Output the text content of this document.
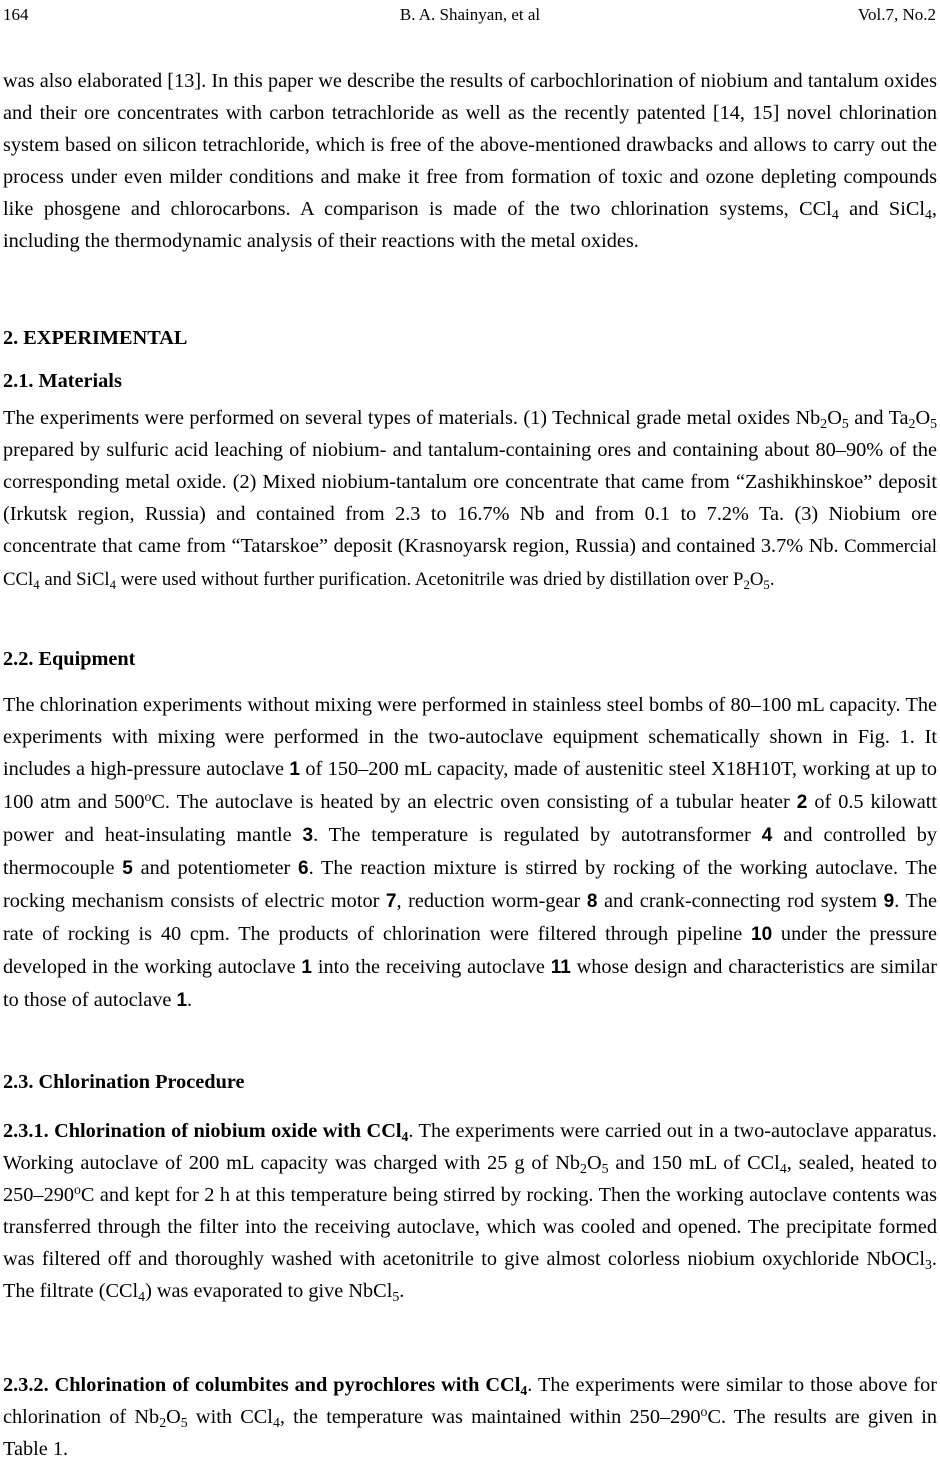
164	B. A. Shainyan, et al	Vol.7, No.2

was also elaborated [13]. In this paper we describe the results of carbochlorination of niobium and tantalum oxides and their ore concentrates with carbon tetrachloride as well as the recently patented [14, 15] novel chlorination system based on silicon tetrachloride, which is free of the above-mentioned drawbacks and allows to carry out the process under even milder conditions and make it free from formation of toxic and ozone depleting compounds like phosgene and chlorocarbons. A comparison is made of the two chlorination systems, CCl$_4$ and SiCl$_4$, including the thermodynamic analysis of their reactions with the metal oxides.

2. EXPERIMENTAL
2.1. Materials

The experiments were performed on several types of materials. (1) Technical grade metal oxides $Nb_2O_5$ and $Ta_2O_5$ prepared by sulfuric acid leaching of niobium- and tantalum-containing ores and containing about 80–90% of the corresponding metal oxide. (2) Mixed niobium-tantalum ore concentrate that came from “Zashikhinskoe” deposit (Irkutsk region, Russia) and contained from 2.3 to 16.7% Nb and from 0.1 to 7.2% Ta. (3) Niobium ore concentrate that came from “Tatarskoe” deposit (Krasnoyarsk region, Russia) and contained 3.7% Nb. Commercial CCl$_4$ and SiCl$_4$ were used without further purification. Acetonitrile was dried by distillation over $P_2O_5$.

2.2. Equipment

The chlorination experiments without mixing were performed in stainless steel bombs of 80–100 mL capacity. The experiments with mixing were performed in the two-autoclave equipment schematically shown in Fig. 1. It includes a high-pressure autoclave 1 of 150–200 mL capacity, made of austenitic steel X18H10T, working at up to 100 atm and 500$^o$C. The autoclave is heated by an electric oven consisting of a tubular heater 2 of 0.5 kilowatt power and heat-insulating mantle 3. The temperature is regulated by autotransformer 4 and controlled by thermocouple 5 and potentiometer 6. The reaction mixture is stirred by rocking of the working autoclave. The rocking mechanism consists of electric motor 7, reduction worm-gear 8 and crank-connecting rod system 9. The rate of rocking is 40 cpm. The products of chlorination were filtered through pipeline 10 under the pressure developed in the working autoclave 1 into the receiving autoclave 11 whose design and characteristics are similar to those of autoclave 1.

2.3. Chlorination Procedure

2.3.1. Chlorination of niobium oxide with CCl$_4$. The experiments were carried out in a two-autoclave apparatus. Working autoclave of 200 mL capacity was charged with 25 g of $Nb_2O_5$ and 150 mL of CCl$_4$, sealed, heated to 250–290$^o$C and kept for 2 h at this temperature being stirred by rocking. Then the working autoclave contents was transferred through the filter into the receiving autoclave, which was cooled and opened. The precipitate formed was filtered off and thoroughly washed with acetonitrile to give almost colorless niobium oxychloride NbOCl$_3$. The filtrate (CCl$_4$) was evaporated to give NbCl$_5$.

2.3.2. Chlorination of columbites and pyrochlores with CCl$_4$. The experiments were similar to those above for chlorination of $Nb_2O_5$ with CCl$_4$, the temperature was maintained within 250–290$^o$C. The results are given in Table 1.
